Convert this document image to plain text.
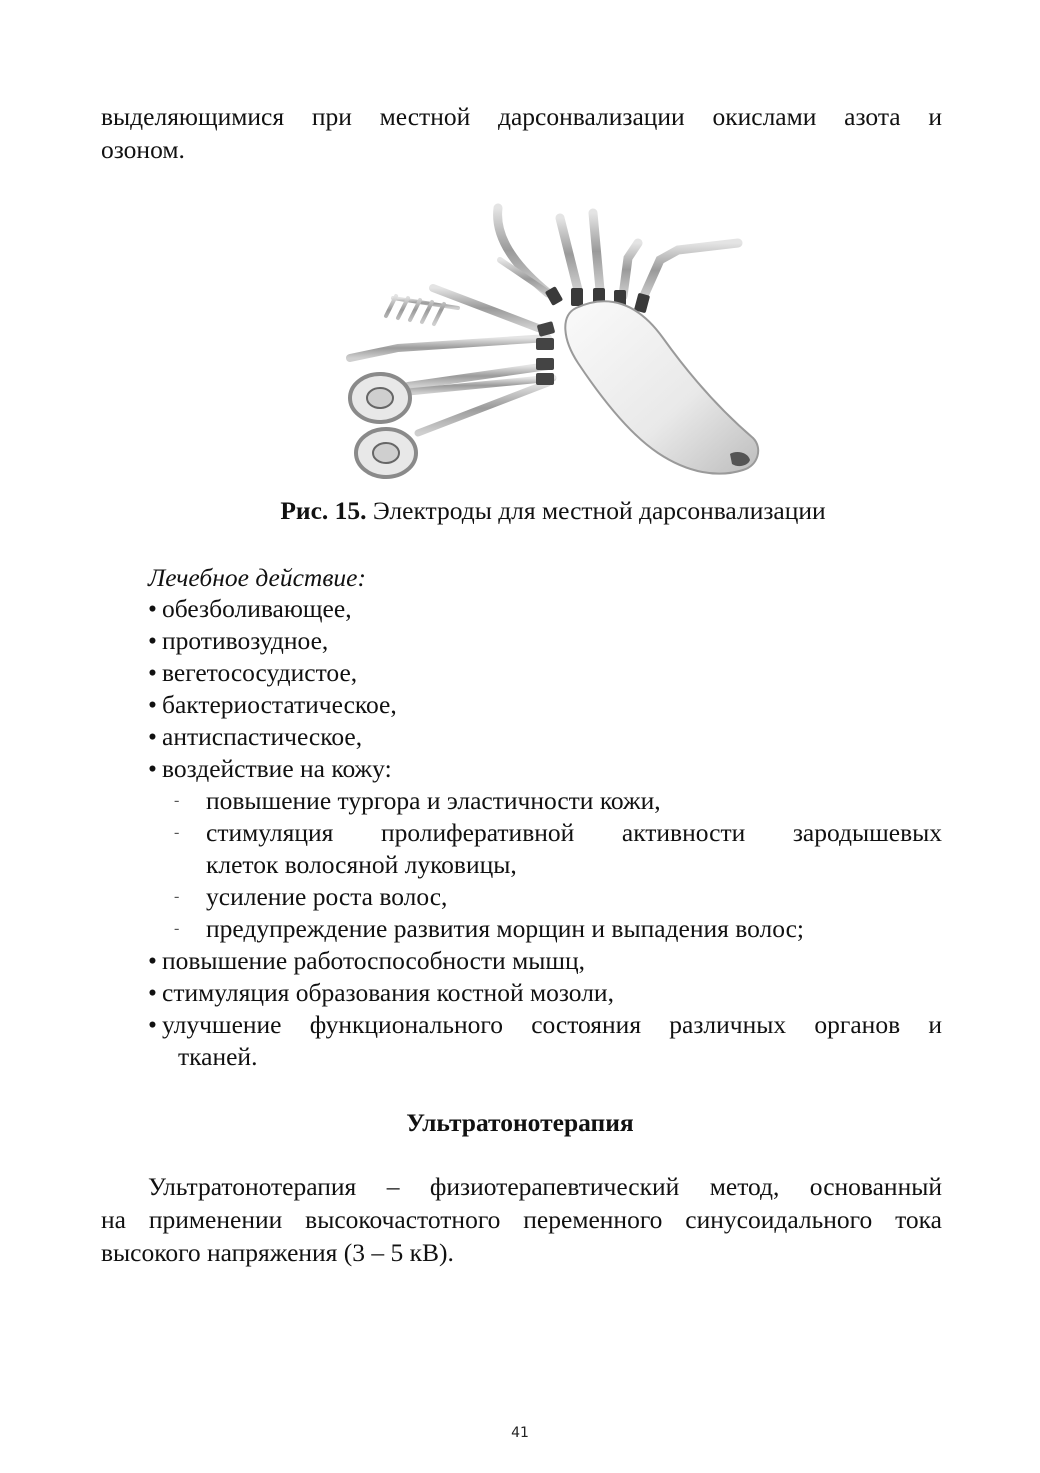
выделяющимися при местной дарсонвализации окислами азота и
озоном.
Рис. 15. Электроды для местной дарсонвализации
Лечебное действие:
• обезболивающее,
• противозудное,
• вегетососудистое,
• бактериостатическое,
• антиспастическое,
• воздействие на кожу:
- повышение тургора и эластичности кожи,
- стимуляция пролиферативной активности зародышевых
клеток волосяной луковицы,
- усиление роста волос,
- предупреждение развития морщин и выпадения волос;
• повышение работоспособности мышц,
• стимуляция образования костной мозоли,
• улучшение функционального состояния различных органов и
тканей.
Ультратонотерапия
Ультратонотерапия – физиотерапевтический метод, основанный
на применении высокочастотного переменного синусоидального тока
высокого напряжения (3 – 5 кВ).
41
